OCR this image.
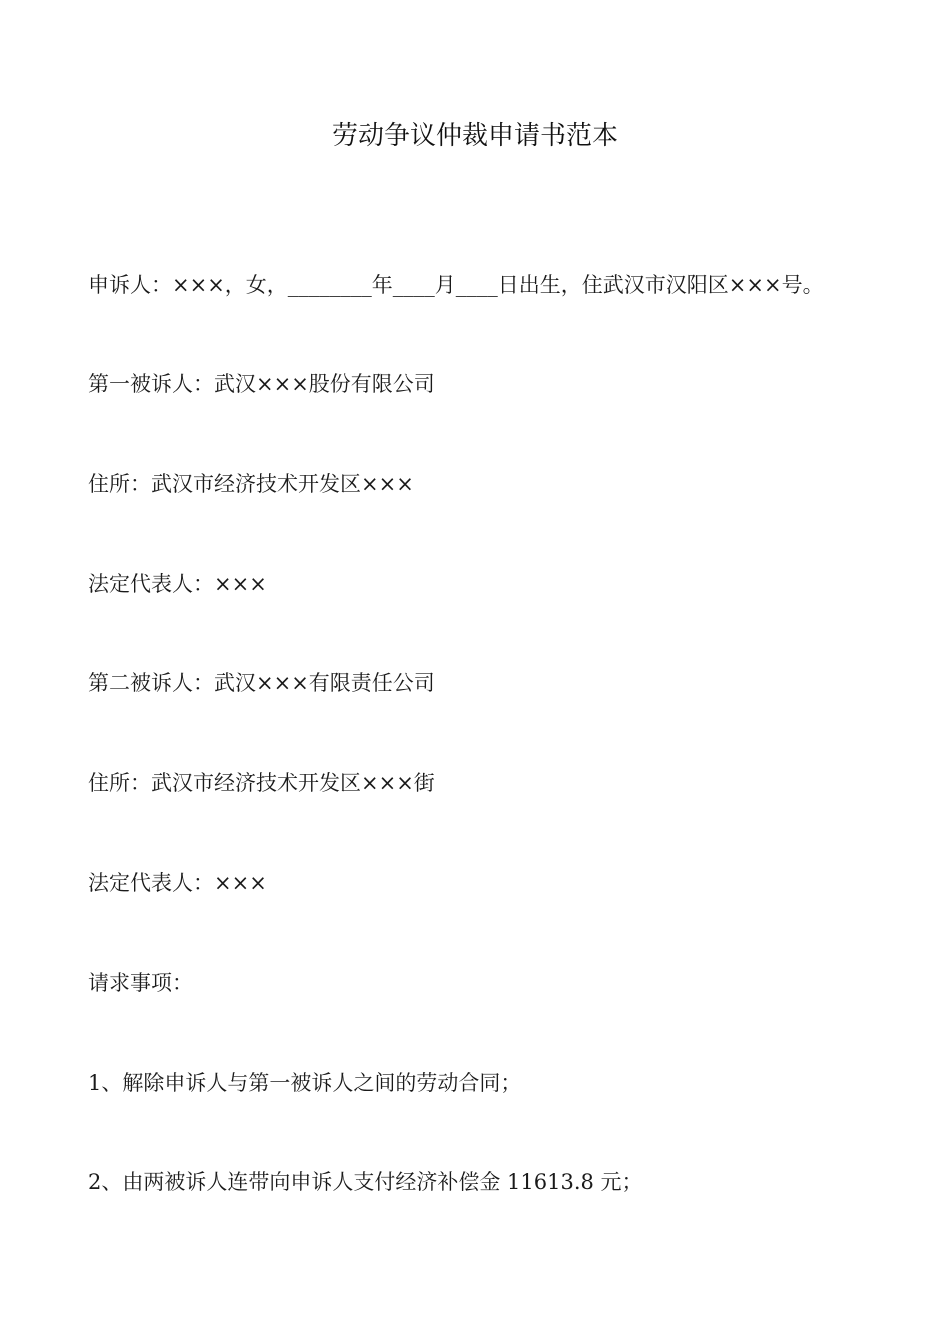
劳动争议仲裁申请书范本

申诉人：×××，女，________年____月____日出生，住武汉市汉阳区×××号。

第一被诉人：武汉×××股份有限公司

住所：武汉市经济技术开发区×××

法定代表人：×××

第二被诉人：武汉×××有限责任公司

住所：武汉市经济技术开发区×××街

法定代表人：×××

请求事项：

1、解除申诉人与第一被诉人之间的劳动合同；

2、由两被诉人连带向申诉人支付经济补偿金 11613.8 元；
